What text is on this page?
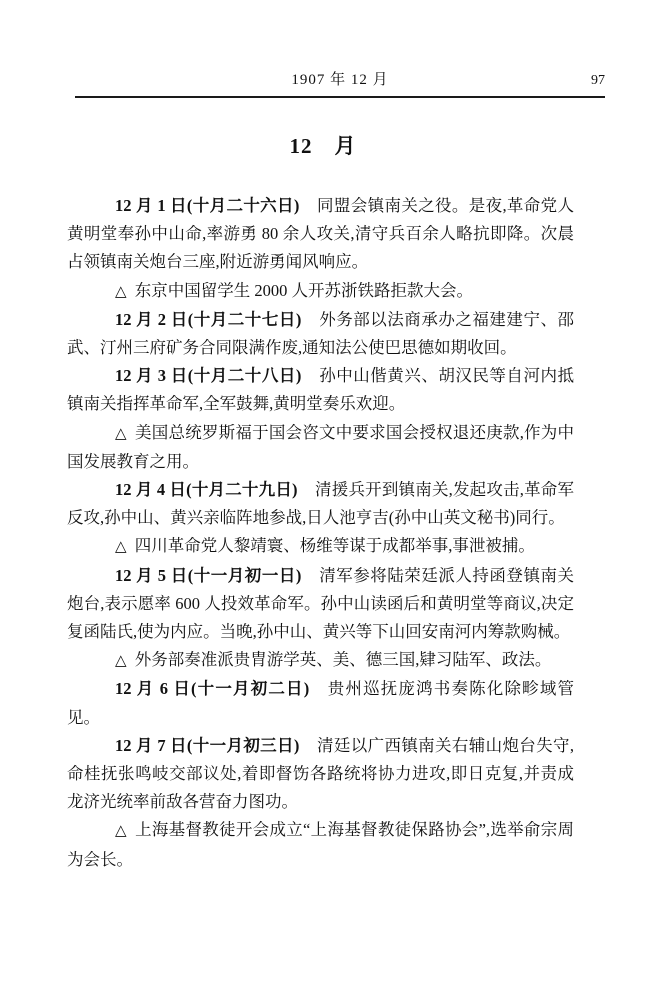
1907 年 12 月	97
12　月

12 月 1 日(十月二十六日) 同盟会镇南关之役。是夜,革命党人黄明堂奉孙中山命,率游勇 80 余人攻关,清守兵百余人略抗即降。次晨占领镇南关炮台三座,附近游勇闻风响应。

△ 东京中国留学生 2000 人开苏浙铁路拒款大会。

12 月 2 日(十月二十七日) 外务部以法商承办之福建建宁、邵武、汀州三府矿务合同限满作废,通知法公使巴思德如期收回。

12 月 3 日(十月二十八日) 孙中山偕黄兴、胡汉民等自河内抵镇南关指挥革命军,全军鼓舞,黄明堂奏乐欢迎。

△ 美国总统罗斯福于国会咨文中要求国会授权退还庚款,作为中国发展教育之用。

12 月 4 日(十月二十九日) 清援兵开到镇南关,发起攻击,革命军反攻,孙中山、黄兴亲临阵地参战,日人池亨吉(孙中山英文秘书)同行。

△ 四川革命党人黎靖寰、杨维等谋于成都举事,事泄被捕。

12 月 5 日(十一月初一日) 清军参将陆荣廷派人持函登镇南关炮台,表示愿率 600 人投效革命军。孙中山读函后和黄明堂等商议,决定复函陆氏,使为内应。当晚,孙中山、黄兴等下山回安南河内筹款购械。

△ 外务部奏准派贵胄游学英、美、德三国,肄习陆军、政法。

12 月 6 日(十一月初二日) 贵州巡抚庞鸿书奏陈化除畛域管见。

12 月 7 日(十一月初三日) 清廷以广西镇南关右辅山炮台失守,命桂抚张鸣岐交部议处,着即督饬各路统将协力进攻,即日克复,并责成龙济光统率前敌各营奋力图功。

△ 上海基督教徒开会成立“上海基督教徒保路协会”,选举俞宗周为会长。
